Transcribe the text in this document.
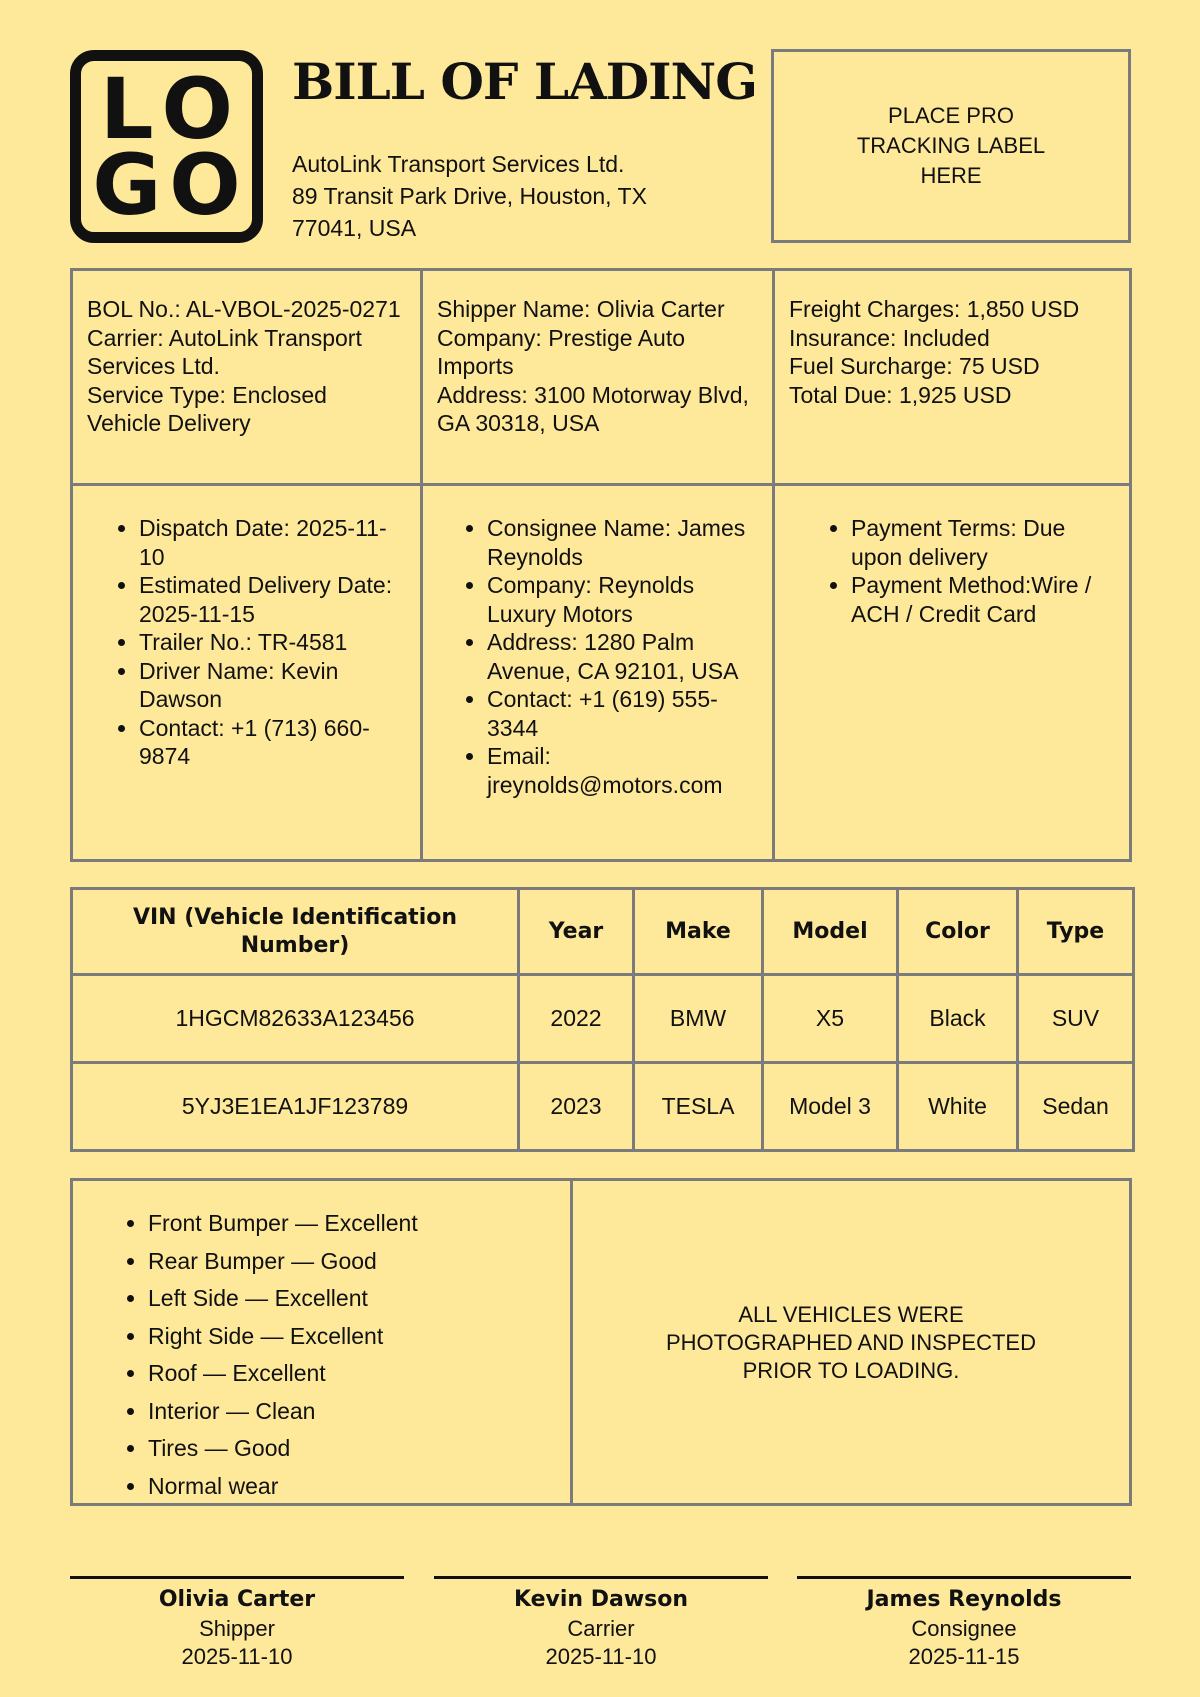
L O
G O
BILL OF LADING
AutoLink Transport Services Ltd.
89 Transit Park Drive, Houston, TX
77041, USA
PLACE PRO
TRACKING LABEL
HERE
BOL No.: AL-VBOL-2025-0271
Carrier: AutoLink Transport Services Ltd.
Service Type: Enclosed Vehicle Delivery
Shipper Name: Olivia Carter
Company: Prestige Auto Imports
Address: 3100 Motorway Blvd, GA 30318, USA
Freight Charges: 1,850 USD
Insurance: Included
Fuel Surcharge: 75 USD
Total Due: 1,925 USD
• Dispatch Date: 2025-11-10
• Estimated Delivery Date: 2025-11-15
• Trailer No.: TR-4581
• Driver Name: Kevin Dawson
• Contact: +1 (713) 660-9874
• Consignee Name: James Reynolds
• Company: Reynolds Luxury Motors
• Address: 1280 Palm Avenue, CA 92101, USA
• Contact: +1 (619) 555-3344
• Email: jreynolds@motors.com
• Payment Terms: Due upon delivery
• Payment Method:Wire / ACH / Credit Card
VIN (Vehicle Identification Number)	Year	Make	Model	Color	Type
1HGCM82633A123456	2022	BMW	X5	Black	SUV
5YJ3E1EA1JF123789	2023	TESLA	Model 3	White	Sedan
• Front Bumper — Excellent
• Rear Bumper — Good
• Left Side — Excellent
• Right Side — Excellent
• Roof — Excellent
• Interior — Clean
• Tires — Good
• Normal wear
ALL VEHICLES WERE
PHOTOGRAPHED AND INSPECTED
PRIOR TO LOADING.
Olivia Carter
Shipper
2025-11-10
Kevin Dawson
Carrier
2025-11-10
James Reynolds
Consignee
2025-11-15
